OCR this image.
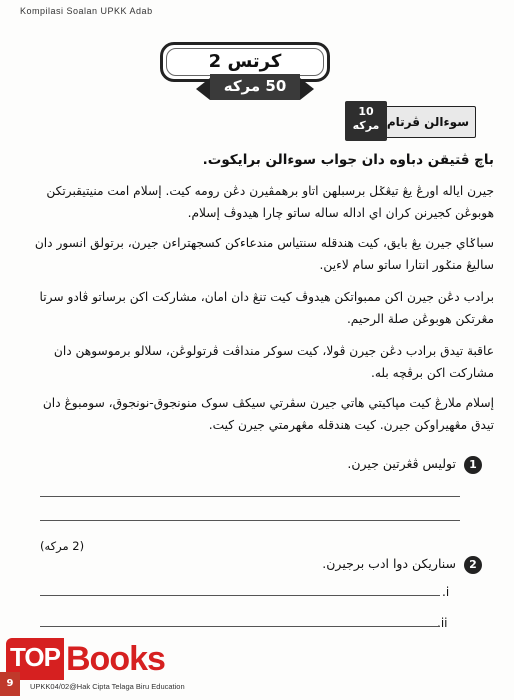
Kompilasi Soalan UPKK Adab
کرتس 2
50 مرکه
10
مرکه سوءالن ڤرتام
باچ ڤتيقن دباوه دان جواب سوءالن برايکوت.
جيرن اياله اورڠ يڠ تيڠݢل برسبلهن اتاو برهمڤيرن دڠن رومه کيت. إسلام امت منيتيقبرتکن هوبوڠن کجيرنن کران اي اداله ساله ساتو چارا هيدوڤ إسلام.
سباݢاي جيرن يڠ بايق، کيت هندقله سنتياس مندعاءکن کسجهتراءن جيرن، برتولق انسور دان ساليڠ منݢور انتارا ساتو سام لاءين.
برادب دڠن جيرن اکن ممبواتکن هيدوڤ کيت تنڠ دان امان، مشارکت اکن برساتو ڤادو سرتا مڠرتکن هوبوڠن صلة الرحيم.
عاقبة تيدق برادب دڠن جيرن ڤولا، کيت سوکر منداڤت ڤرتولوڠن، سلالو برموسوهن دان مشارکت اکن برڤچه بله.
إسلام ملارڠ کيت مپاکيتي هاتي جيرن سڤرتي سيکڤ سوک منونجوق-نونجوق، سومبوڠ دان تيدق مڠهيراوکن جيرن. کيت هندقله مڠهرمتي جيرن کيت.
1
توليس ڤڠرتين جيرن.
(2 مرکه)
2
سناريکن دوا ادب برجيرن.
i.
ii.
TOP Books
9	UPKK04/02@Hak Cipta Telaga Biru Education
